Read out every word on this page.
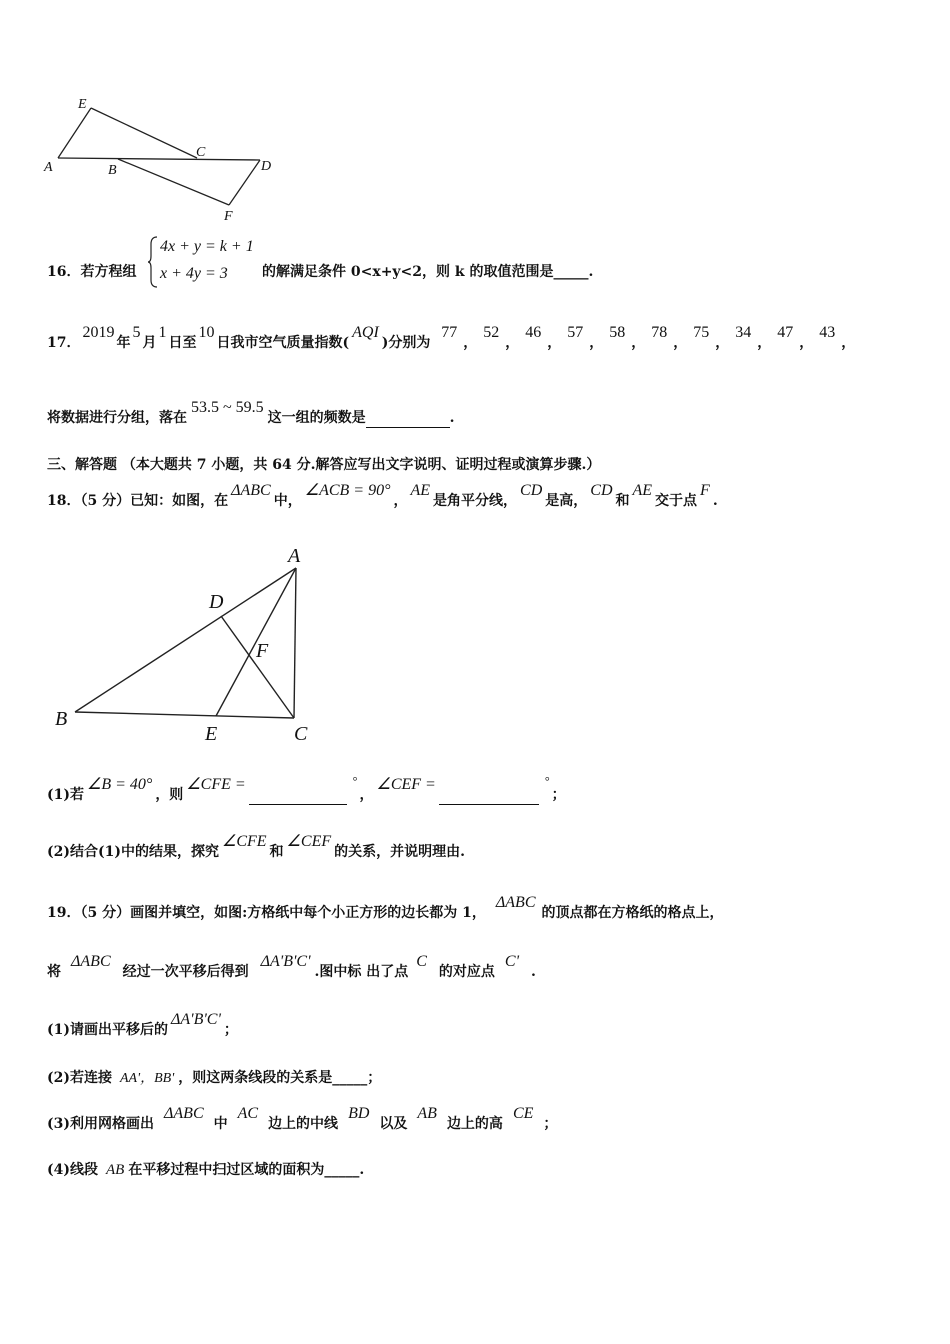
E
A	B
C
D
F
16．若方程组
4x + y = k + 1
x + 4y = 3 的解满足条件 0<x+y<2，则 k 的取值范围是_____.
17．2019年5月1日至10日我市空气质量指数(AQI)分别为 77，52，46，57，58，78，75，34，47，43，
将数据进行分组，落在53.5 ~ 59.5这一组的频数是	.
三、解答题 （本大题共 7 小题，共 64 分.解答应写出文字说明、证明过程或演算步骤.）
18．（5 分）已知：如图，在ΔABC中，∠ACB = 90°，AE是角平分线，CD是高，CD和AE交于点F.
A
B
C
D
E
F
(1)若∠B = 40°，则∠CFE =	°，∠CEF =	°；
(2)结合(1)中的结果，探究∠CFE和∠CEF的关系，并说明理由.
19．（5 分）画图并填空，如图:方格纸中每个小正方形的边长都为 1，ΔABC的顶点都在方格纸的格点上，
将ΔABC经过一次平移后得到ΔA'B'C'.图中标 出了点C的对应点C'.
(1)请画出平移后的ΔA'B'C'；
(2)若连接 AA'，BB' ，则这两条线段的关系是_____；
(3)利用网格画出ΔABC中AC边上的中线BD以及AB边上的高CE；
(4)线段 AB 在平移过程中扫过区域的面积为_____.
